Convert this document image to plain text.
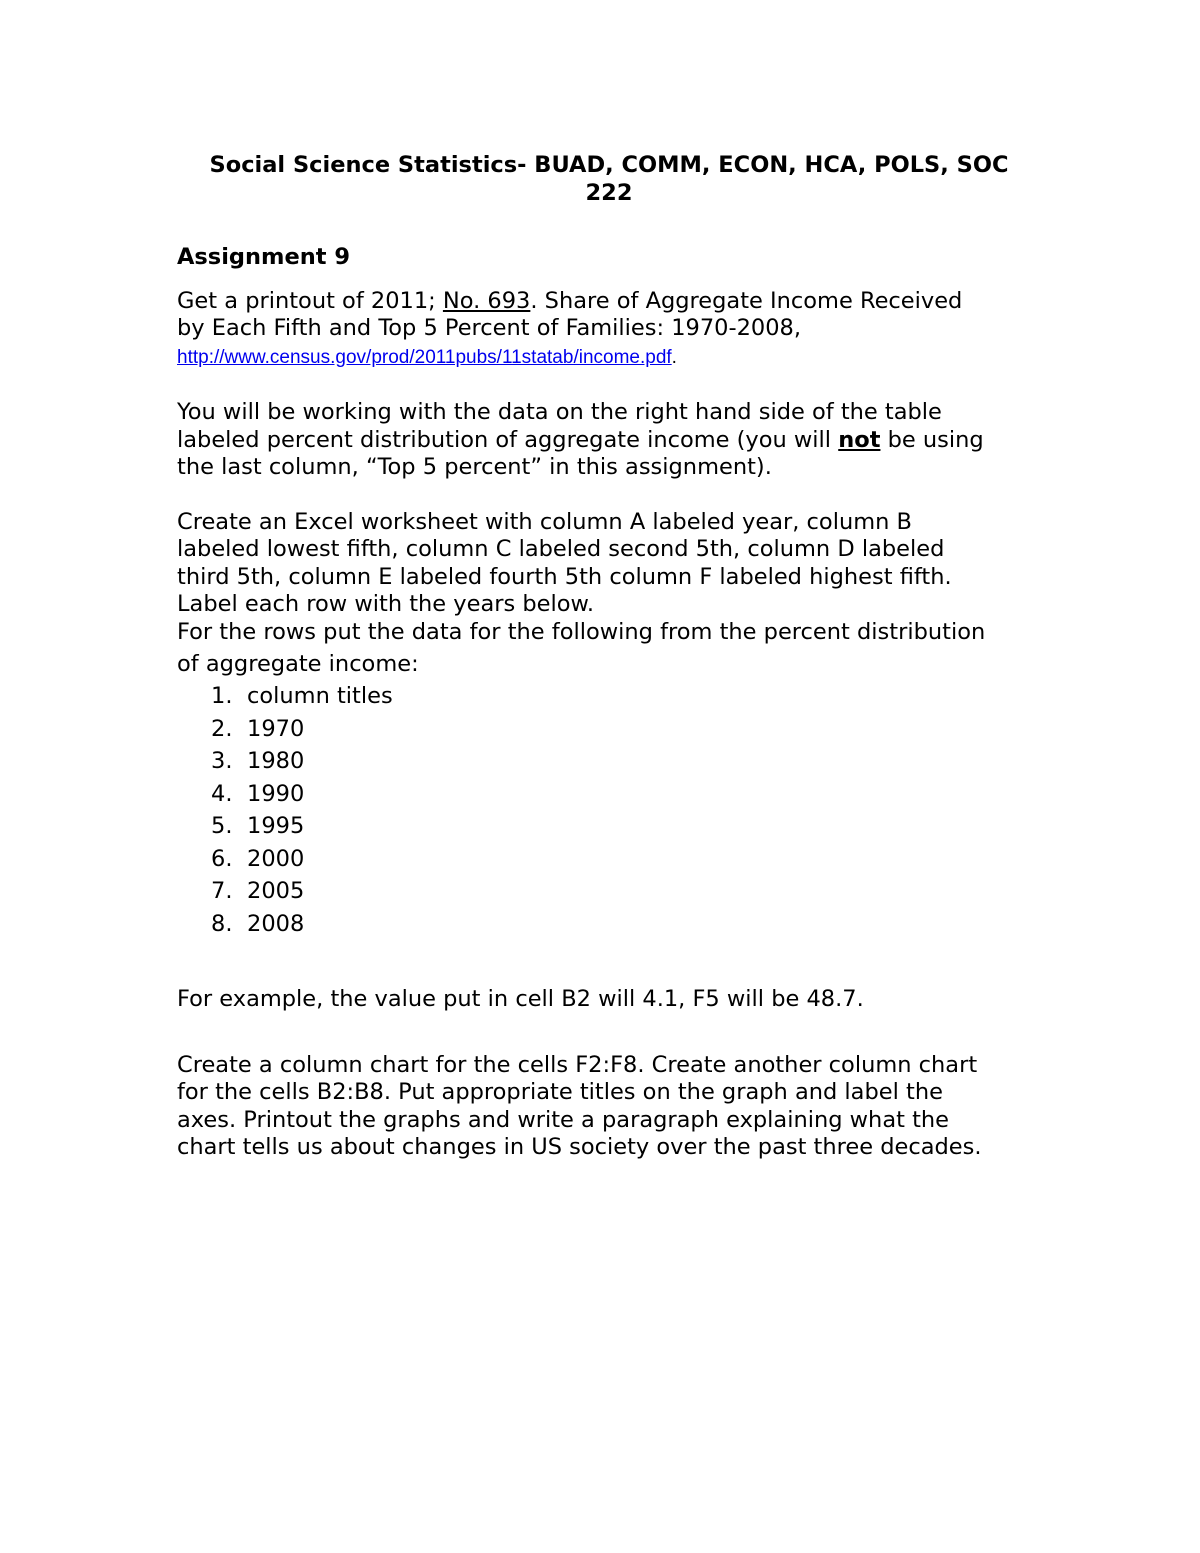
Social Science Statistics- BUAD, COMM, ECON, HCA, POLS, SOC
222

Assignment 9

Get a printout of 2011; No. 693. Share of Aggregate Income Received
by Each Fifth and Top 5 Percent of Families: 1970-2008,
http://www.census.gov/prod/2011pubs/11statab/income.pdf.

You will be working with the data on the right hand side of the table
labeled percent distribution of aggregate income (you will not be using
the last column, “Top 5 percent” in this assignment).

Create an Excel worksheet with column A labeled year, column B
labeled lowest fifth, column C labeled second 5th, column D labeled
third 5th, column E labeled fourth 5th column F labeled highest fifth.
Label each row with the years below.

For the rows put the data for the following from the percent distribution

of aggregate income:

1. column titles
2. 1970
3. 1980
4. 1990
5. 1995
6. 2000
7. 2005
8. 2008

For example, the value put in cell B2 will 4.1, F5 will be 48.7.

Create a column chart for the cells F2:F8. Create another column chart
for the cells B2:B8. Put appropriate titles on the graph and label the
axes. Printout the graphs and write a paragraph explaining what the
chart tells us about changes in US society over the past three decades.
